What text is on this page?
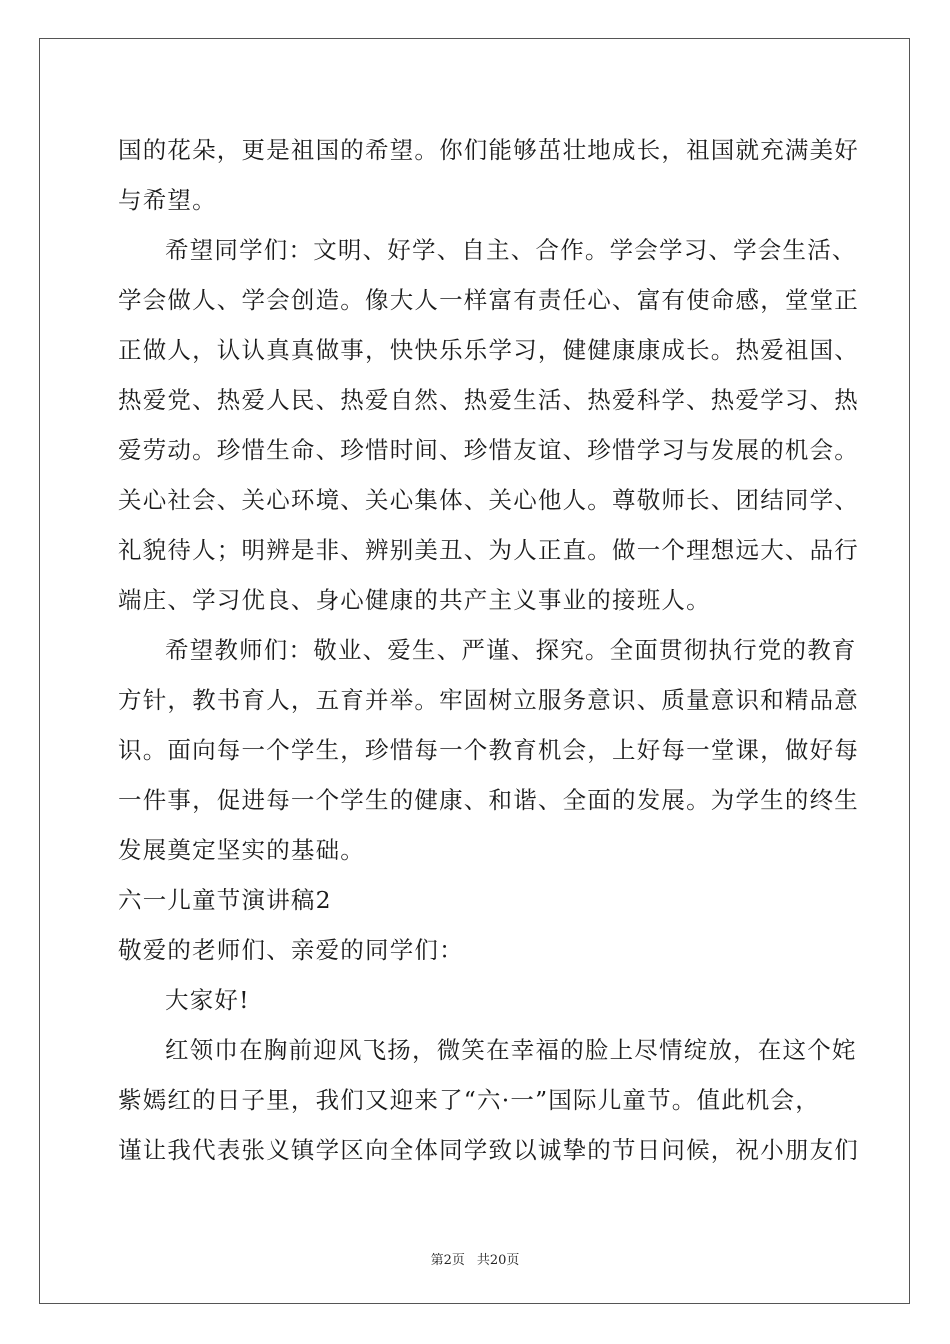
国的花朵，更是祖国的希望。你们能够茁壮地成长，祖国就充满美好
与希望。
希望同学们：文明、好学、自主、合作。学会学习、学会生活、
学会做人、学会创造。像大人一样富有责任心、富有使命感，堂堂正
正做人，认认真真做事，快快乐乐学习，健健康康成长。热爱祖国、
热爱党、热爱人民、热爱自然、热爱生活、热爱科学、热爱学习、热
爱劳动。珍惜生命、珍惜时间、珍惜友谊、珍惜学习与发展的机会。
关心社会、关心环境、关心集体、关心他人。尊敬师长、团结同学、
礼貌待人；明辨是非、辨别美丑、为人正直。做一个理想远大、品行
端庄、学习优良、身心健康的共产主义事业的接班人。
希望教师们：敬业、爱生、严谨、探究。全面贯彻执行党的教育
方针，教书育人，五育并举。牢固树立服务意识、质量意识和精品意
识。面向每一个学生，珍惜每一个教育机会，上好每一堂课，做好每
一件事，促进每一个学生的健康、和谐、全面的发展。为学生的终生
发展奠定坚实的基础。
六一儿童节演讲稿2
敬爱的老师们、亲爱的同学们：
大家好!
红领巾在胸前迎风飞扬，微笑在幸福的脸上尽情绽放，在这个姹
紫嫣红的日子里，我们又迎来了“六·一”国际儿童节。值此机会，
谨让我代表张义镇学区向全体同学致以诚挚的节日问候，祝小朋友们
第2页 共20页
